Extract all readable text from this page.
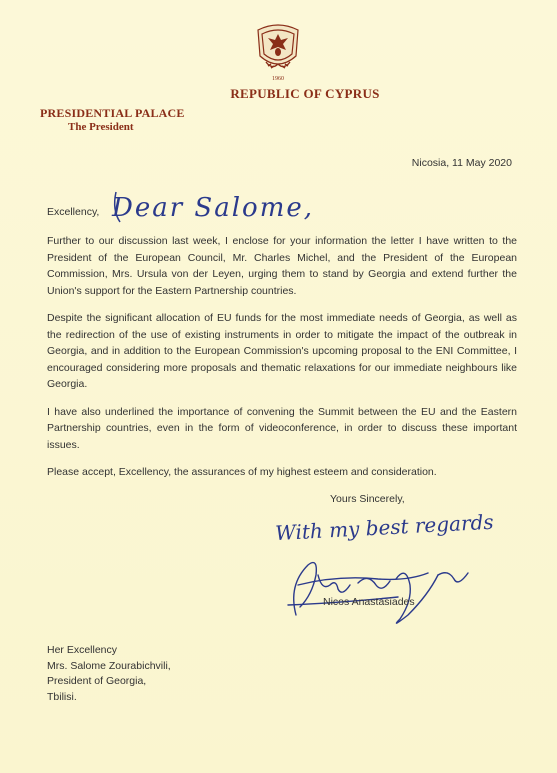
1960
REPUBLIC OF CYPRUS
PRESIDENTIAL PALACE
The President
Nicosia, 11 May 2020
Excellency, Dear Salome,

Further to our discussion last week, I enclose for your information the letter I have written to the President of the European Council, Mr. Charles Michel, and the President of the European Commission, Mrs. Ursula von der Leyen, urging them to stand by Georgia and extend further the Union's support for the Eastern Partnership countries.

Despite the significant allocation of EU funds for the most immediate needs of Georgia, as well as the redirection of the use of existing instruments in order to mitigate the impact of the outbreak in Georgia, and in addition to the European Commission's upcoming proposal to the ENI Committee, I encouraged considering more proposals and thematic relaxations for our immediate neighbours like Georgia.

I have also underlined the importance of convening the Summit between the EU and the Eastern Partnership countries, even in the form of videoconference, in order to discuss these important issues.

Please accept, Excellency, the assurances of my highest esteem and consideration.

Yours Sincerely,
With my best regards
Nicos Anastasiades
Her Excellency
Mrs. Salome Zourabichvili,
President of Georgia,
Tbilisi.
